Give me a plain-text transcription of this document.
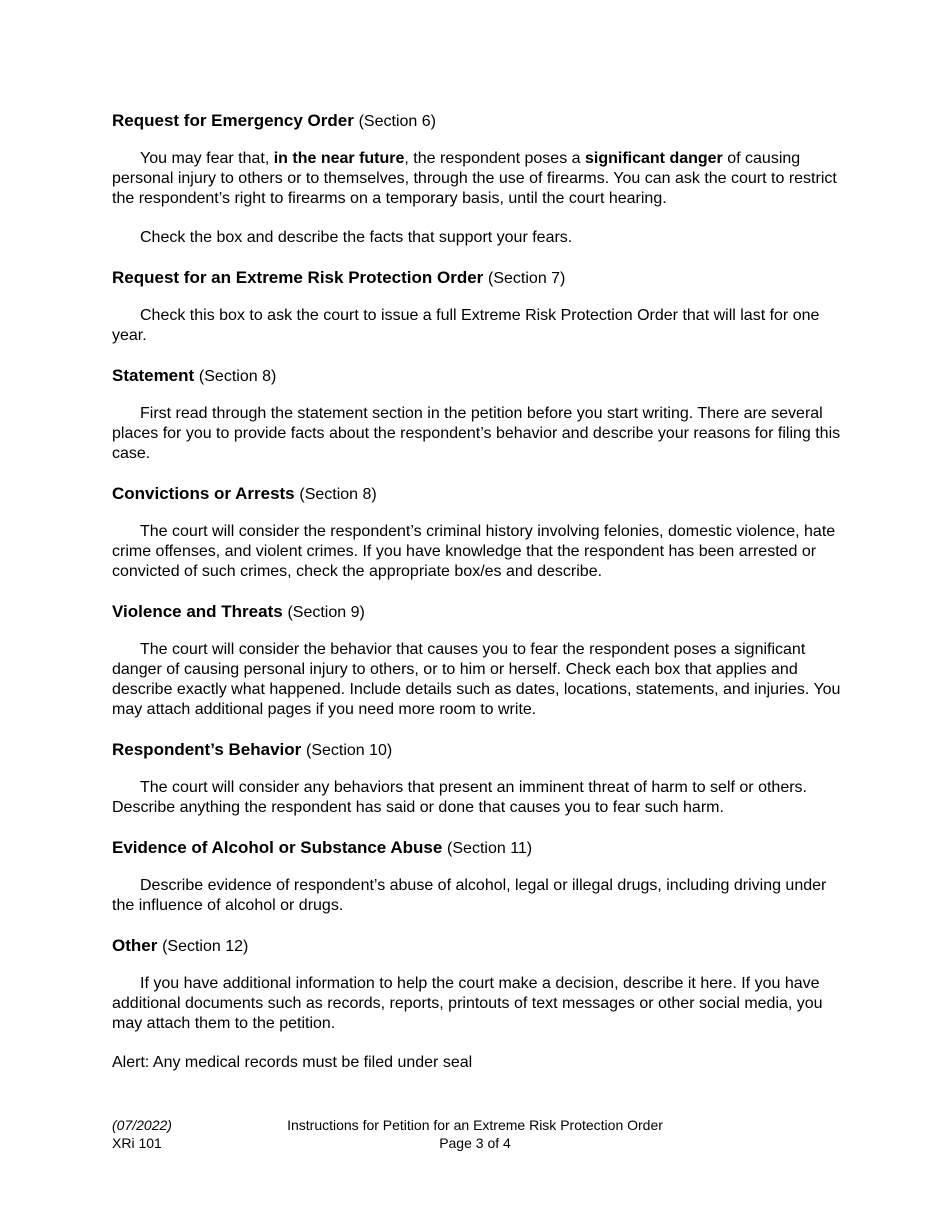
Request for Emergency Order (Section 6)

You may fear that, in the near future, the respondent poses a significant danger of causing personal injury to others or to themselves, through the use of firearms. You can ask the court to restrict the respondent’s right to firearms on a temporary basis, until the court hearing.

Check the box and describe the facts that support your fears.

Request for an Extreme Risk Protection Order (Section 7)

Check this box to ask the court to issue a full Extreme Risk Protection Order that will last for one year.

Statement (Section 8)

First read through the statement section in the petition before you start writing. There are several places for you to provide facts about the respondent’s behavior and describe your reasons for filing this case.

Convictions or Arrests (Section 8)

The court will consider the respondent’s criminal history involving felonies, domestic violence, hate crime offenses, and violent crimes. If you have knowledge that the respondent has been arrested or convicted of such crimes, check the appropriate box/es and describe.

Violence and Threats (Section 9)

The court will consider the behavior that causes you to fear the respondent poses a significant danger of causing personal injury to others, or to him or herself. Check each box that applies and describe exactly what happened. Include details such as dates, locations, statements, and injuries. You may attach additional pages if you need more room to write.

Respondent’s Behavior (Section 10)

The court will consider any behaviors that present an imminent threat of harm to self or others. Describe anything the respondent has said or done that causes you to fear such harm.

Evidence of Alcohol or Substance Abuse (Section 11)

Describe evidence of respondent’s abuse of alcohol, legal or illegal drugs, including driving under the influence of alcohol or drugs.

Other (Section 12)

If you have additional information to help the court make a decision, describe it here. If you have additional documents such as records, reports, printouts of text messages or other social media, you may attach them to the petition.

Alert: Any medical records must be filed under seal

(07/2022)
XRi 101
Instructions for Petition for an Extreme Risk Protection Order
Page 3 of 4
